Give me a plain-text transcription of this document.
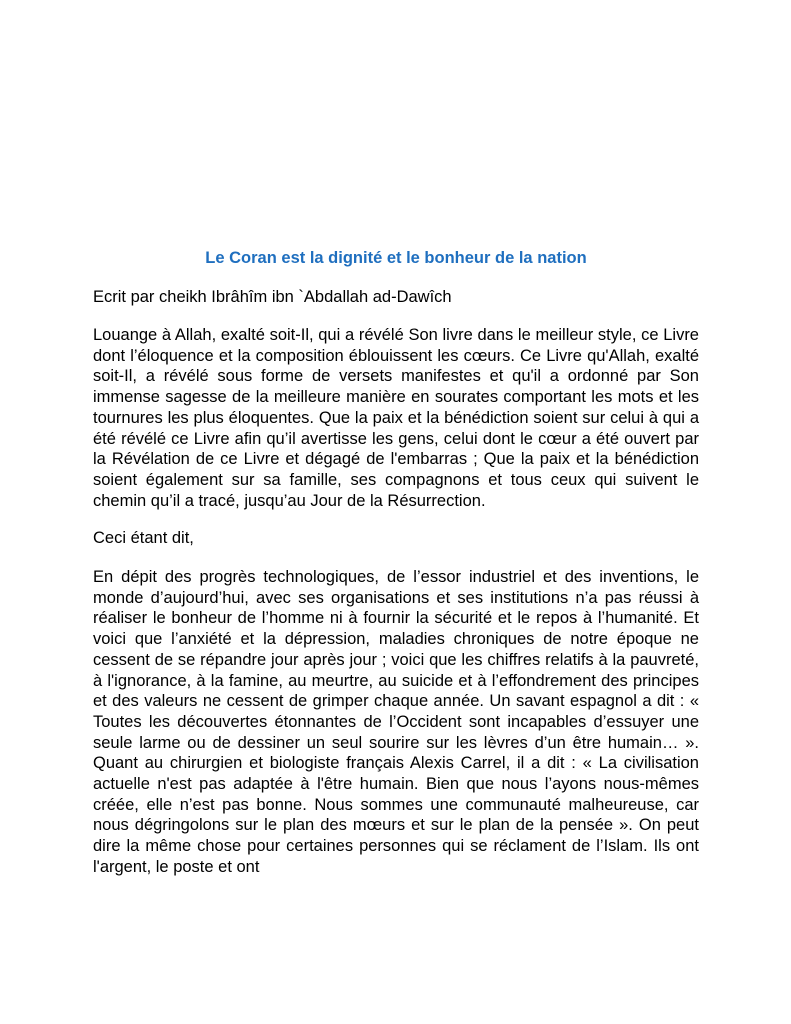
Le Coran est la dignité et le bonheur de la nation

Ecrit par cheikh Ibrâhîm ibn `Abdallah ad-Dawîch

Louange à Allah, exalté soit-Il, qui a révélé Son livre dans le meilleur style, ce Livre dont l’éloquence et la composition éblouissent les cœurs. Ce Livre qu'Allah, exalté soit-Il, a révélé sous forme de versets manifestes et qu'il a ordonné par Son immense sagesse de la meilleure manière en sourates comportant les mots et les tournures les plus éloquentes. Que la paix et la bénédiction soient sur celui à qui a été révélé ce Livre afin qu’il avertisse les gens, celui dont le cœur a été ouvert par la Révélation de ce Livre et dégagé de l'embarras ; Que la paix et la bénédiction soient également sur sa famille, ses compagnons et tous ceux qui suivent le chemin qu’il a tracé, jusqu’au Jour de la Résurrection.

Ceci étant dit,

En dépit des progrès technologiques, de l’essor industriel et des inventions, le monde d’aujourd’hui, avec ses organisations et ses institutions n’a pas réussi à réaliser le bonheur de l’homme ni à fournir la sécurité et le repos à l’humanité. Et voici que l’anxiété et la dépression, maladies chroniques de notre époque ne cessent de se répandre jour après jour ; voici que les chiffres relatifs à la pauvreté, à l'ignorance, à la famine, au meurtre, au suicide et à l’effondrement des principes et des valeurs ne cessent de grimper chaque année. Un savant espagnol a dit : « Toutes les découvertes étonnantes de l’Occident sont incapables d’essuyer une seule larme ou de dessiner un seul sourire sur les lèvres d’un être humain… ». Quant au chirurgien et biologiste français Alexis Carrel, il a dit : « La civilisation actuelle n'est pas adaptée à l'être humain. Bien que nous l’ayons nous-mêmes créée, elle n’est pas bonne. Nous sommes une communauté malheureuse, car nous dégringolons sur le plan des mœurs et sur le plan de la pensée ». On peut dire la même chose pour certaines personnes qui se réclament de l’Islam. Ils ont l'argent, le poste et ont
